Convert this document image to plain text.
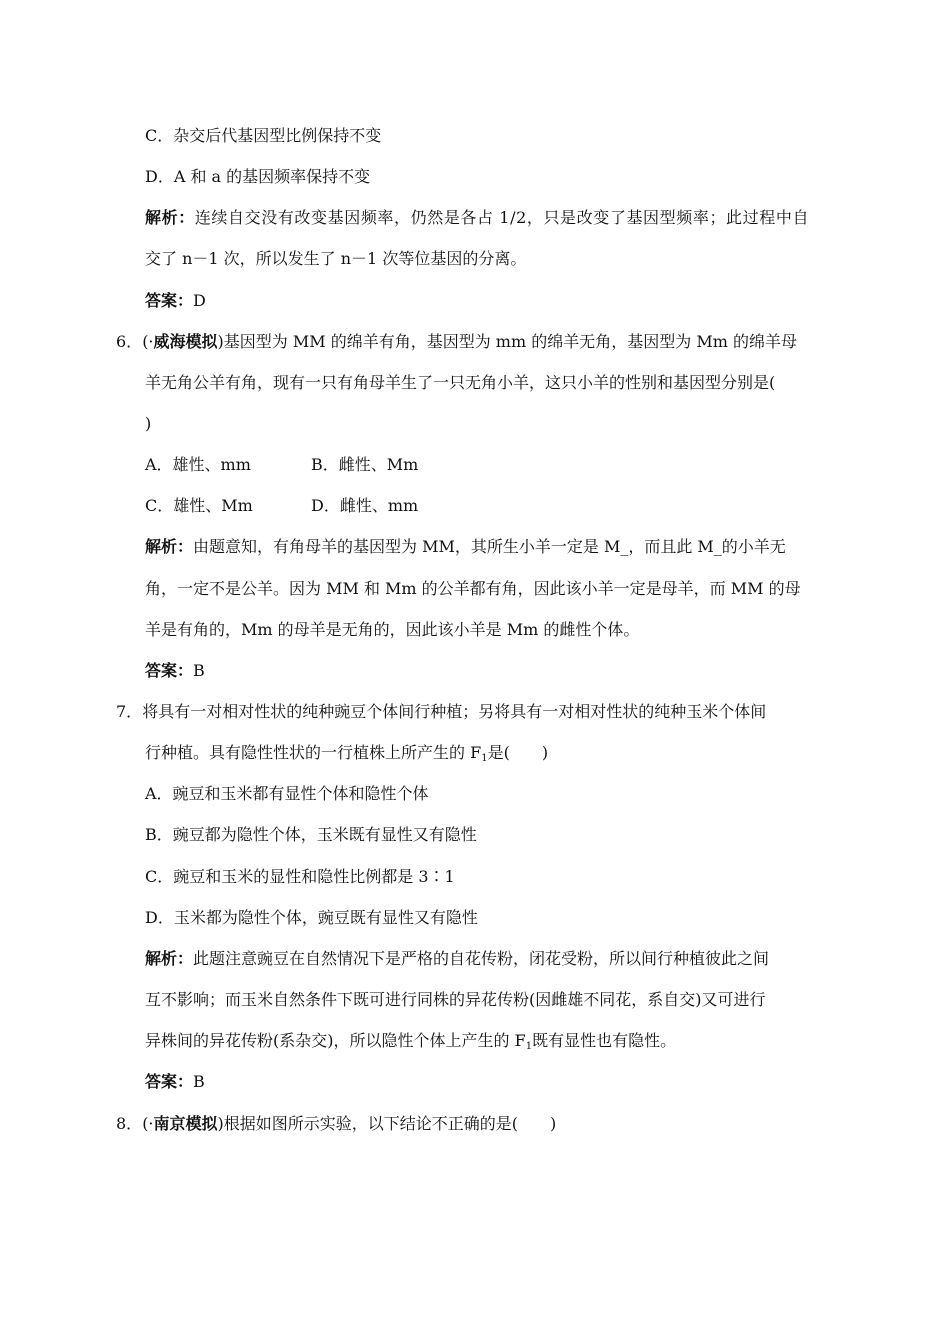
C．杂交后代基因型比例保持不变
D．A 和 a 的基因频率保持不变
解析：连续自交没有改变基因频率，仍然是各占 1/2，只是改变了基因型频率；此过程中自
交了 n－1 次，所以发生了 n－1 次等位基因的分离。
答案：D
6．(·威海模拟)基因型为 MM 的绵羊有角，基因型为 mm 的绵羊无角，基因型为 Mm 的绵羊母
羊无角公羊有角，现有一只有角母羊生了一只无角小羊，这只小羊的性别和基因型分别是(
)
A．雄性、mm	B．雌性、Mm
C．雄性、Mm	D．雌性、mm
解析：由题意知，有角母羊的基因型为 MM，其所生小羊一定是 M_，而且此 M_的小羊无
角，一定不是公羊。因为 MM 和 Mm 的公羊都有角，因此该小羊一定是母羊，而 MM 的母
羊是有角的，Mm 的母羊是无角的，因此该小羊是 Mm 的雌性个体。
答案：B
7．将具有一对相对性状的纯种豌豆个体间行种植；另将具有一对相对性状的纯种玉米个体间
行种植。具有隐性性状的一行植株上所产生的 $F_1$是(　　)
A．豌豆和玉米都有显性个体和隐性个体
B．豌豆都为隐性个体，玉米既有显性又有隐性
C．豌豆和玉米的显性和隐性比例都是 3∶1
D．玉米都为隐性个体，豌豆既有显性又有隐性
解析：此题注意豌豆在自然情况下是严格的自花传粉，闭花受粉，所以间行种植彼此之间
互不影响；而玉米自然条件下既可进行同株的异花传粉(因雌雄不同花，系自交)又可进行
异株间的异花传粉(系杂交)，所以隐性个体上产生的 $F_1$既有显性也有隐性。
答案：B
8．(·南京模拟)根据如图所示实验，以下结论不正确的是(　　)
